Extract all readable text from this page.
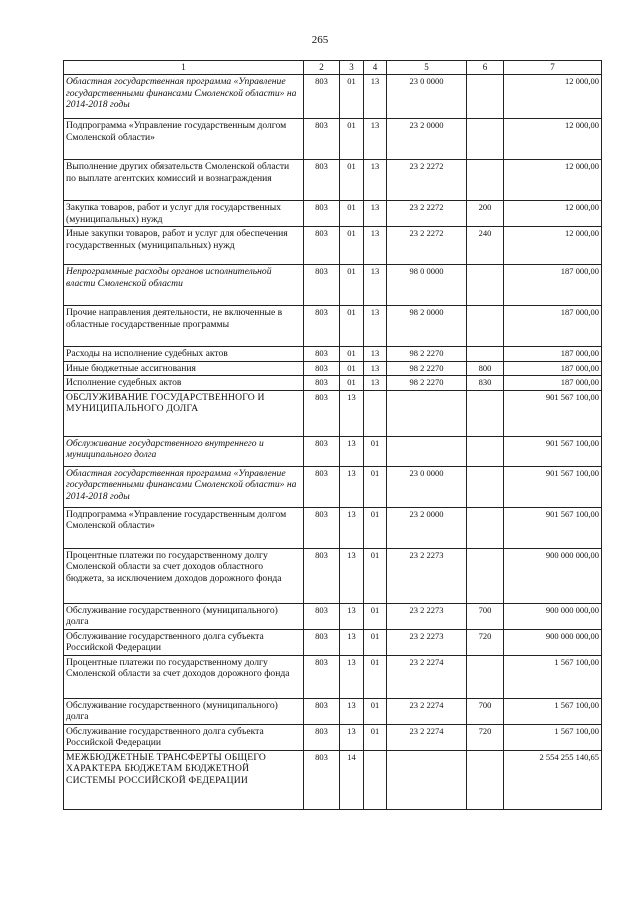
265
1	2	3	4	5	6	7
Областная государственная программа «Управление государственными финансами Смоленской области» на 2014-2018 годы	803	01	13	23 0 0000		12 000,00
Подпрограмма «Управление государственным долгом Смоленской области»	803	01	13	23 2 0000		12 000,00
Выполнение других обязательств Смоленской области по выплате агентских комиссий и вознаграждения	803	01	13	23 2 2272		12 000,00
Закупка товаров, работ и услуг для государственных (муниципальных) нужд	803	01	13	23 2 2272	200	12 000,00
Иные закупки товаров, работ и услуг для обеспечения государственных (муниципальных) нужд	803	01	13	23 2 2272	240	12 000,00
Непрограммные расходы органов исполнительной власти Смоленской области	803	01	13	98 0 0000		187 000,00
Прочие направления деятельности, не включенные в областные государственные программы	803	01	13	98 2 0000		187 000,00
Расходы на исполнение судебных актов	803	01	13	98 2 2270		187 000,00
Иные бюджетные ассигнования	803	01	13	98 2 2270	800	187 000,00
Исполнение судебных актов	803	01	13	98 2 2270	830	187 000,00
ОБСЛУЖИВАНИЕ ГОСУДАРСТВЕННОГО И МУНИЦИПАЛЬНОГО ДОЛГА	803	13				901 567 100,00
Обслуживание государственного внутреннего и муниципального долга	803	13	01			901 567 100,00
Областная государственная программа «Управление государственными финансами Смоленской области» на 2014-2018 годы	803	13	01	23 0 0000		901 567 100,00
Подпрограмма «Управление государственным долгом Смоленской области»	803	13	01	23 2 0000		901 567 100,00
Процентные платежи по государственному долгу Смоленской области за счет доходов областного бюджета, за исключением доходов дорожного фонда	803	13	01	23 2 2273		900 000 000,00
Обслуживание государственного (муниципального) долга	803	13	01	23 2 2273	700	900 000 000,00
Обслуживание государственного долга субъекта Российской Федерации	803	13	01	23 2 2273	720	900 000 000,00
Процентные платежи по государственному долгу Смоленской области за счет доходов дорожного фонда	803	13	01	23 2 2274		1 567 100,00
Обслуживание государственного (муниципального) долга	803	13	01	23 2 2274	700	1 567 100,00
Обслуживание государственного долга субъекта Российской Федерации	803	13	01	23 2 2274	720	1 567 100,00
МЕЖБЮДЖЕТНЫЕ ТРАНСФЕРТЫ ОБЩЕГО ХАРАКТЕРА БЮДЖЕТАМ БЮДЖЕТНОЙ СИСТЕМЫ РОССИЙСКОЙ ФЕДЕРАЦИИ	803	14				2 554 255 140,65
